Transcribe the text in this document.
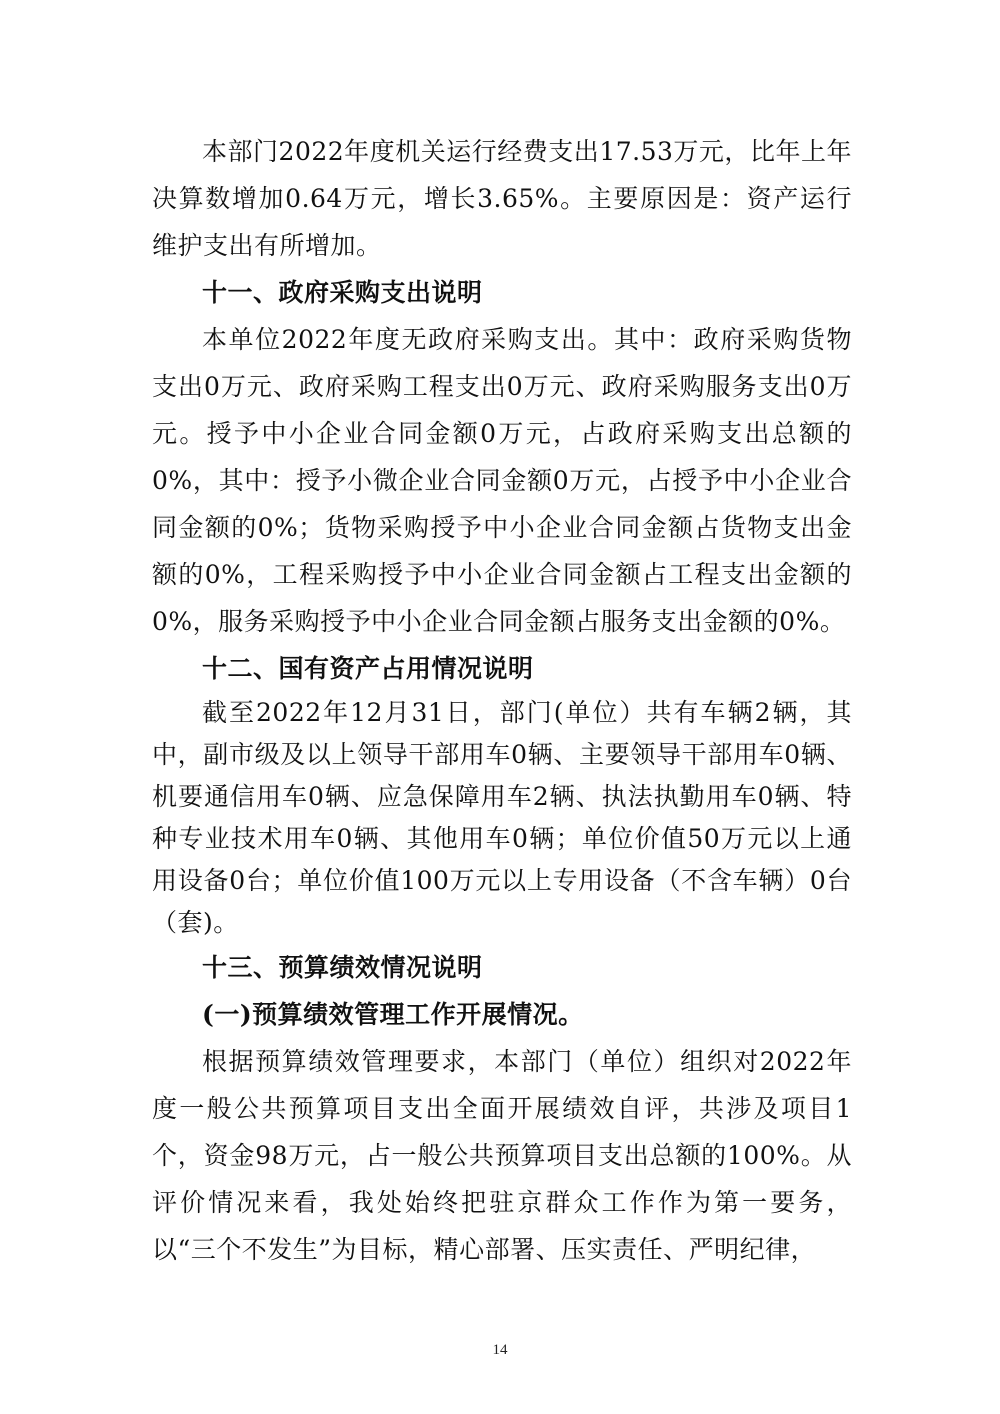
本部门2022年度机关运行经费支出17.53万元，比年上年决算数增加0.64万元，增长3.65%。主要原因是：资产运行维护支出有所增加。

十一、政府采购支出说明

本单位2022年度无政府采购支出。其中：政府采购货物支出0万元、政府采购工程支出0万元、政府采购服务支出0万元。授予中小企业合同金额0万元，占政府采购支出总额的0%，其中：授予小微企业合同金额0万元，占授予中小企业合同金额的0%；货物采购授予中小企业合同金额占货物支出金额的0%，工程采购授予中小企业合同金额占工程支出金额的0%，服务采购授予中小企业合同金额占服务支出金额的0%。

十二、国有资产占用情况说明

截至2022年12月31日，部门(单位）共有车辆2辆，其中，副市级及以上领导干部用车0辆、主要领导干部用车0辆、机要通信用车0辆、应急保障用车2辆、执法执勤用车0辆、特种专业技术用车0辆、其他用车0辆；单位价值50万元以上通用设备0台；单位价值100万元以上专用设备（不含车辆）0台（套)。

十三、预算绩效情况说明

(一)预算绩效管理工作开展情况。

根据预算绩效管理要求，本部门（单位）组织对2022年度一般公共预算项目支出全面开展绩效自评，共涉及项目1个，资金98万元，占一般公共预算项目支出总额的100%。从评价情况来看，我处始终把驻京群众工作作为第一要务，以“三个不发生”为目标，精心部署、压实责任、严明纪律，

14
